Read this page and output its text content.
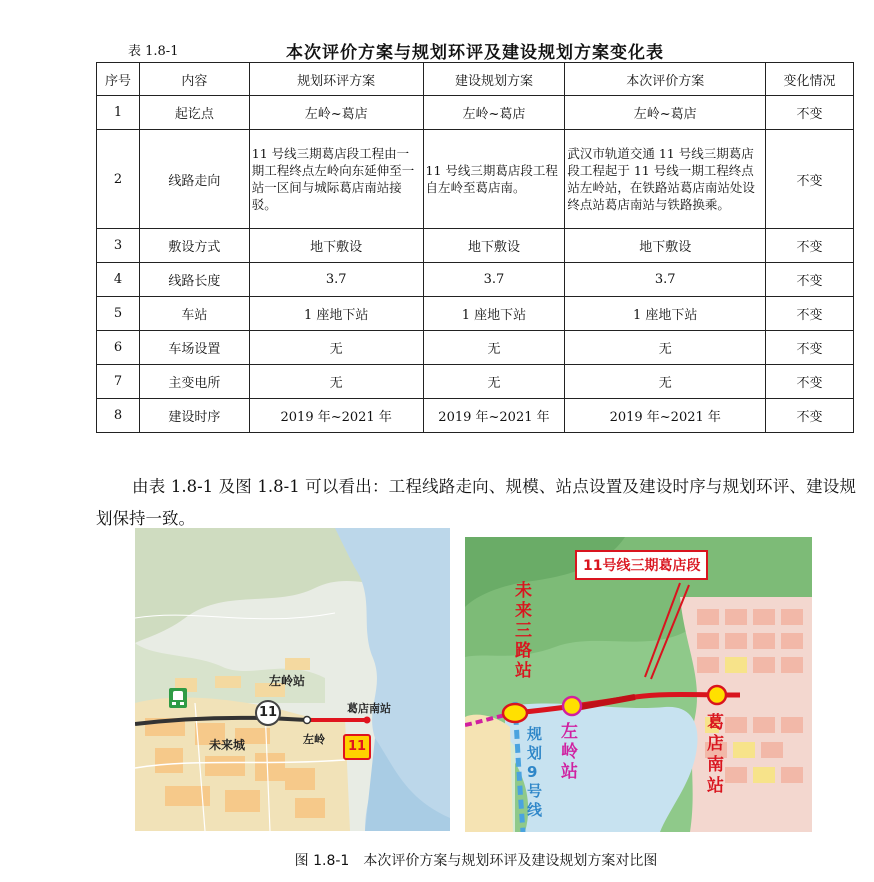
表 1.8-1	本次评价方案与规划环评及建设规划方案变化表
序号	内容	规划环评方案	建设规划方案	本次评价方案	变化情况
1	起讫点	左岭~葛店	左岭~葛店	左岭~葛店	不变
2	线路走向	11 号线三期葛店段工程由一期工程终点左岭向东延伸至一站一区间与城际葛店南站接驳。	11 号线三期葛店段工程自左岭至葛店南。	武汉市轨道交通 11 号线三期葛店段工程起于 11 号线一期工程终点站左岭站，在铁路站葛店南站处设终点站葛店南站与铁路换乘。	不变
3	敷设方式	地下敷设	地下敷设	地下敷设	不变
4	线路长度	3.7	3.7	3.7	不变
5	车站	1 座地下站	1 座地下站	1 座地下站	不变
6	车场设置	无	无	无	不变
7	主变电所	无	无	无	不变
8	建设时序	2019 年~2021 年	2019 年~2021 年	2019 年~2021 年	不变

由表 1.8-1 及图 1.8-1 可以看出：工程线路走向、规模、站点设置及建设时序与规划环评、建设规划保持一致。

左岭站
葛店南站
未来城	左岭
11
11
11号线三期葛店段
未来三路站
左岭站
规划9号线
葛店南站
图 1.8-1　本次评价方案与规划环评及建设规划方案对比图
